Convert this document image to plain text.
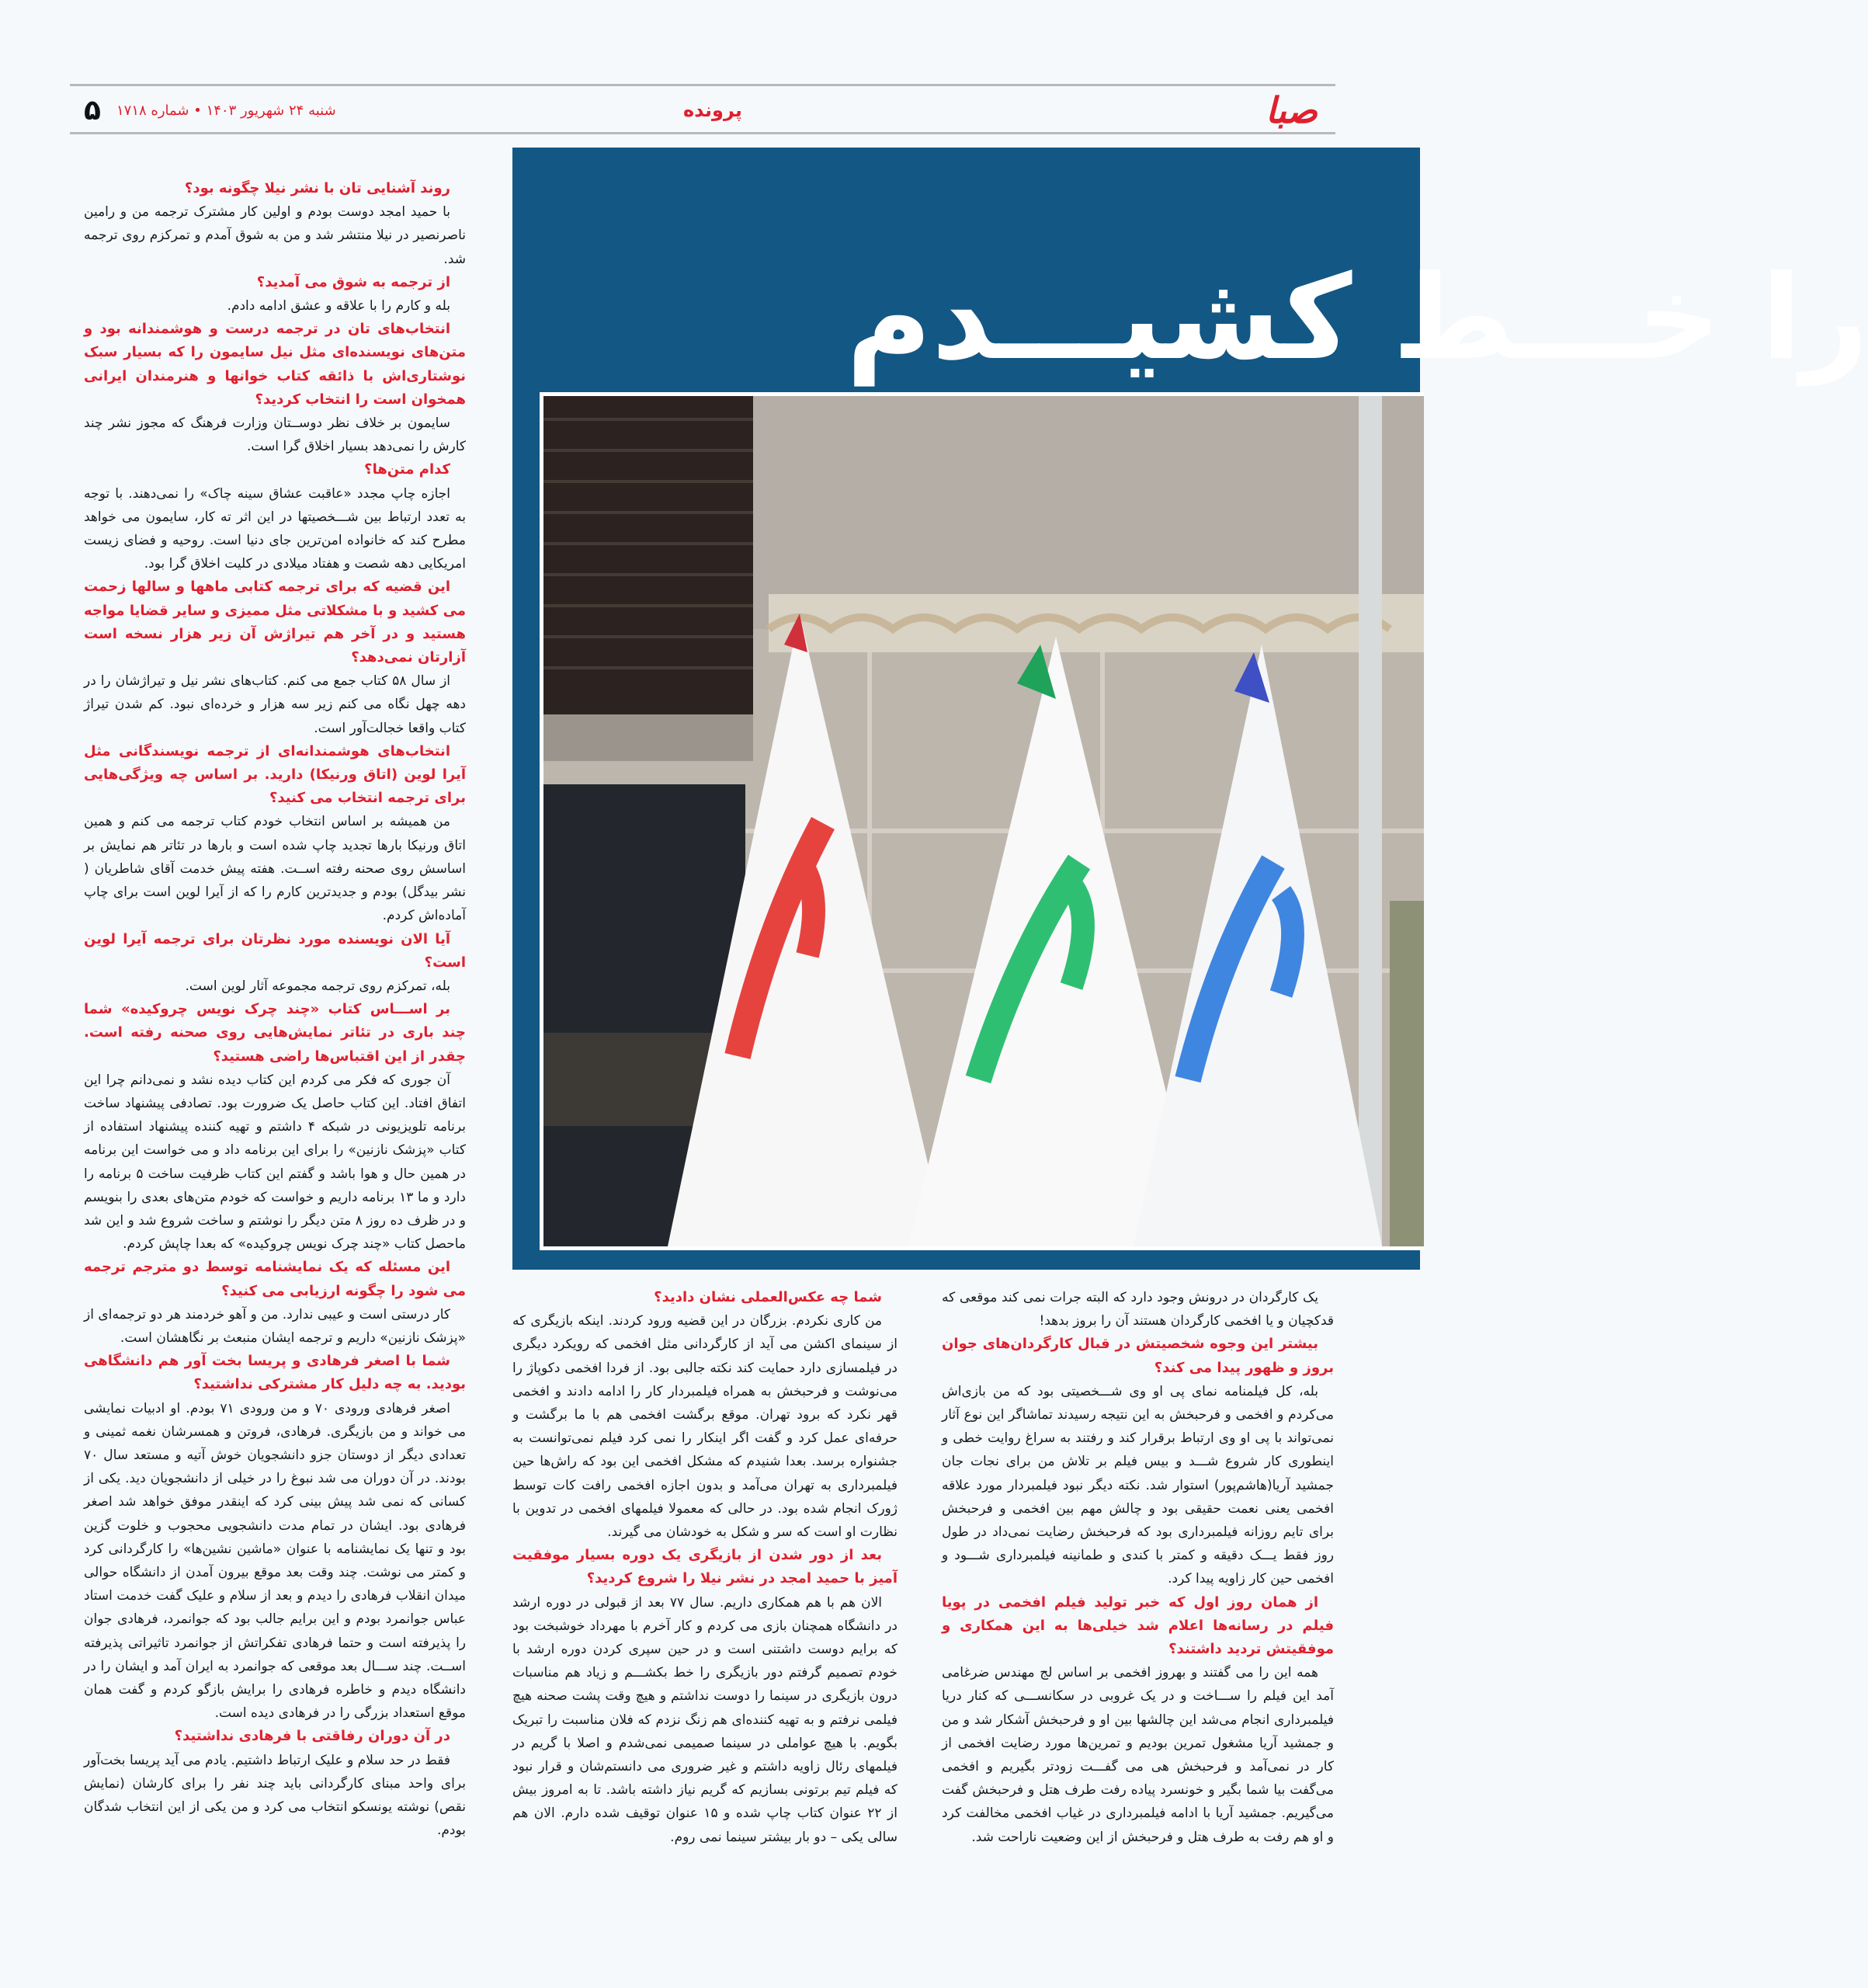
صبا
پرونده
شنبه ۲۴ شهریور ۱۴۰۳ • شماره ۱۷۱۸
۵
را خـــط کشیـــدم

روند آشنایی تان با نشر نیلا چگونه بود؟

با حمید امجد دوست بودم و اولین کار مشترک ترجمه من و رامین ناصرنصیر در نیلا منتشر شد و من به شوق آمدم و تمرکزم روی ترجمه شد.

از ترجمه به شوق می آمدید؟

بله و کارم را با علاقه و عشق ادامه دادم.

انتخاب‌های تان در ترجمه درست و هوشمندانه بود و متن‌های نویسنده‌ای مثل نیل سایمون را که بسیار سبک نوشتاری‌اش با ذائقه کتاب خوانها و هنرمندان ایرانی همخوان است را انتخاب کردید؟

سایمون بر خلاف نظر دوســتان وزارت فرهنگ که مجوز نشر چند کارش را نمی‌دهد بسیار اخلاق گرا است.

کدام متن‌ها؟

اجازه چاپ مجدد «عاقبت عشاق سینه چاک» را نمی‌دهند. با توجه به تعدد ارتباط بین شـــخصیتها در این اثر ته کار، سایمون می خواهد مطرح کند که خانواده امن‌ترین جای دنیا است. روحیه و فضای زیست امریکایی دهه شصت و هفتاد میلادی در کلیت اخلاق گرا بود.

این قضیه که برای ترجمه کتابی ماهها و سالها زحمت می کشید و با مشکلاتی مثل ممیزی و سایر قضایا مواجه هستید و در آخر هم تیراژش آن زیر هزار نسخه است آزارتان نمی‌دهد؟

از سال ۵۸ کتاب جمع می کنم. کتاب‌های نشر نیل و تیراژشان را در دهه چهل نگاه می کنم زیر سه هزار و خرده‌ای نبود. کم شدن تیراژ کتاب واقعا خجالت‌آور است.

انتخاب‌های هوشمندانه‌ای از ترجمه نویسندگانی مثل آیرا لوین (اتاق ورنیکا) دارید. بر اساس چه ویژگی‌هایی برای ترجمه انتخاب می کنید؟

من همیشه بر اساس انتخاب خودم کتاب ترجمه می کنم و همین اتاق ورنیکا بارها تجدید چاپ شده است و بارها در تئاتر هم نمایش بر اساسش روی صحنه رفته اســت. هفته پیش خدمت آقای شاطریان ( نشر بیدگل) بودم و جدیدترین کارم را که از آیرا لوین است برای چاپ آماده‌اش کردم.

آیا الان نویسنده مورد نظرتان برای ترجمه آیرا لوین است؟

بله، تمرکزم روی ترجمه مجموعه آثار لوین است.

بر اســـاس کتاب «چند چرک نویس چروکیده» شما چند باری در تئاتر نمایش‌هایی روی صحنه رفته است. چقدر از این اقتباس‌ها راضی هستید؟

آن جوری که فکر می کردم این کتاب دیده نشد و نمی‌دانم چرا این اتفاق افتاد. این کتاب حاصل یک ضرورت بود. تصادفی پیشنهاد ساخت برنامه تلویزیونی در شبکه ۴ داشتم و تهیه کننده پیشنهاد استفاده از کتاب «پزشک نازنین» را برای این برنامه داد و می خواست این برنامه در همین حال و هوا باشد و گفتم این کتاب ظرفیت ساخت ۵ برنامه را دارد و ما ۱۳ برنامه داریم و خواست که خودم متن‌های بعدی را بنویسم و در ظرف ده روز ۸ متن دیگر را نوشتم و ساخت شروع شد و این شد ماحصل کتاب «چند چرک نویس چروکیده» که بعدا چاپش کردم.

این مسئله که یک نمایشنامه توسط دو مترجم ترجمه می شود را چگونه ارزیابی می کنید؟

کار درستی است و عیبی ندارد. من و آهو خردمند هر دو ترجمه‌ای از «پزشک نازنین» داریم و ترجمه ایشان منبعث بر نگاهشان است.

شما با اصغر فرهادی و پریسا بخت آور هم دانشگاهی بودید. به چه دلیل کار مشترکی نداشتید؟

اصغر فرهادی ورودی ۷۰ و من ورودی ۷۱ بودم. او ادبیات نمایشی می خواند و من بازیگری. فرهادی، فروتن و همسرشان نغمه ثمینی و تعدادی دیگر از دوستان جزو دانشجویان خوش آتیه و مستعد سال ۷۰ بودند. در آن دوران می شد نبوغ را در خیلی از دانشجویان دید. یکی از کسانی که نمی شد پیش بینی کرد که اینقدر موفق خواهد شد اصغر فرهادی بود. ایشان در تمام مدت دانشجویی محجوب و خلوت گزین بود و تنها یک نمایشنامه با عنوان «ماشین نشین‌ها» را کارگردانی کرد و کمتر می نوشت. چند وقت بعد موقع بیرون آمدن از دانشگاه حوالی میدان انقلاب فرهادی را دیدم و بعد از سلام و علیک گفت خدمت استاد عباس جوانمرد بودم و این برایم جالب بود که جوانمرد، فرهادی جوان را پذیرفته است و حتما فرهادی تفکراتش از جوانمرد تاثیراتی پذیرفته اســت. چند ســـال بعد موقعی که جوانمرد به ایران آمد و ایشان را در دانشگاه دیدم و خاطره فرهادی را برایش بازگو کردم و گفت همان موقع استعداد بزرگی را در فرهادی دیده است.

در آن دوران رفاقتی با فرهادی نداشتید؟

فقط در حد سلام و علیک ارتباط داشتیم. یادم می آید پریسا بخت‌آور برای واحد مبنای کارگردانی باید چند نفر را برای کارشان (نمایش نقص) نوشته یونسکو انتخاب می کرد و من یکی از این انتخاب شدگان بودم.

شما چه عکس‌العملی نشان دادید؟

من کاری نکردم. بزرگان در این قضیه ورود کردند. اینکه بازیگری که از سینمای اکشن می آید از کارگردانی مثل افخمی که رویکرد دیگری در فیلمسازی دارد حمایت کند نکته جالبی بود. از فردا افخمی دکوپاژ را می‌نوشت و فرحبخش به همراه فیلمبردار کار را ادامه دادند و افخمی قهر نکرد که برود تهران. موقع برگشت افخمی هم با ما برگشت و حرفه‌ای عمل کرد و گفت اگر اینکار را نمی کرد فیلم نمی‌توانست به جشنواره برسد. بعدا شنیدم که مشکل افخمی این بود که راش‌ها حین فیلمبرداری به تهران می‌آمد و بدون اجازه افخمی رافت کات توسط ژورک انجام شده بود. در حالی که معمولا فیلمهای افخمی در تدوین با نظارت او است که سر و شکل به خودشان می گیرند.

بعد از دور شدن از بازیگری یک دوره بسیار موفقیت آمیز با حمید امجد در نشر نیلا را شروع کردید؟

الان هم با هم همکاری داریم. سال ۷۷ بعد از قبولی در دوره ارشد در دانشگاه همچنان بازی می کردم و کار آخرم با مهرداد خوشبخت بود که برایم دوست داشتنی است و در حین سپری کردن دوره ارشد با خودم تصمیم گرفتم دور بازیگری را خط بکشـــم و زیاد هم مناسبات درون بازیگری در سینما را دوست نداشتم و هیچ وقت پشت صحنه هیچ فیلمی نرفتم و به تهیه کننده‌ای هم زنگ نزدم که فلان مناسبت را تبریک بگویم. با هیچ عواملی در سینما صمیمی نمی‌شدم و اصلا با گریم در فیلمهای رئال زاویه داشتم و غیر ضروری می دانستم‌شان و قرار نبود که فیلم تیم برتونی بسازیم که گریم نیاز داشته باشد. تا به امروز بیش از ۲۲ عنوان کتاب چاپ شده و ۱۵ عنوان توقیف شده دارم. الان هم سالی یکی – دو بار بیشتر سینما نمی روم.

یک کارگردان در درونش وجود دارد که البته جرات نمی کند موقعی که قدکچیان و یا افخمی کارگردان هستند آن را بروز بدهد!

بیشتر این وجوه شخصیتش در قبال کارگردان‌های جوان بروز و ظهور پیدا می کند؟

بله، کل فیلمنامه نمای پی او وی شـــخصیتی بود که من بازی‌اش می‌کردم و افخمی و فرحبخش به این نتیجه رسیدند تماشاگر این نوع آثار نمی‌تواند با پی او وی ارتباط برقرار کند و رفتند به سراغ روایت خطی و اینطوری کار شروع شـــد و بیس فیلم بر تلاش من برای نجات جان جمشید آریا(هاشم‌پور) استوار شد. نکته دیگر نبود فیلمبردار مورد علاقه افخمی یعنی نعمت حقیقی بود و چالش مهم بین افخمی و فرحبخش برای تایم روزانه فیلمبرداری بود که فرحبخش رضایت نمی‌داد در طول روز فقط یـــک دقیقه و کمتر با کندی و طمانینه فیلمبرداری شـــود و افخمی حین کار زاویه پیدا کرد.

از همان روز اول که خبر تولید فیلم افخمی در پویا فیلم در رسانه‌ها اعلام شد خیلی‌ها به این همکاری و موفقیتش تردید داشتند؟

همه این را می گفتند و بهروز افخمی بر اساس لج مهندس ضرغامی آمد این فیلم را ســـاخت و در یک غروبی در سکانســـی که کنار دریا فیلمبرداری انجام می‌شد این چالشها بین او و فرحبخش آشکار شد و من و جمشید آریا مشغول تمرین بودیم و تمرین‌ها مورد رضایت افخمی از کار در نمی‌آمد و فرحبخش هی می گفـــت زودتر بگیریم و افخمی می‌گفت بیا شما بگیر و خونسرد پیاده رفت طرف هتل و فرحبخش گفت می‌گیریم. جمشید آریا با ادامه فیلمبرداری در غیاب افخمی مخالفت کرد و او هم رفت به طرف هتل و فرحبخش از این وضعیت ناراحت شد.
